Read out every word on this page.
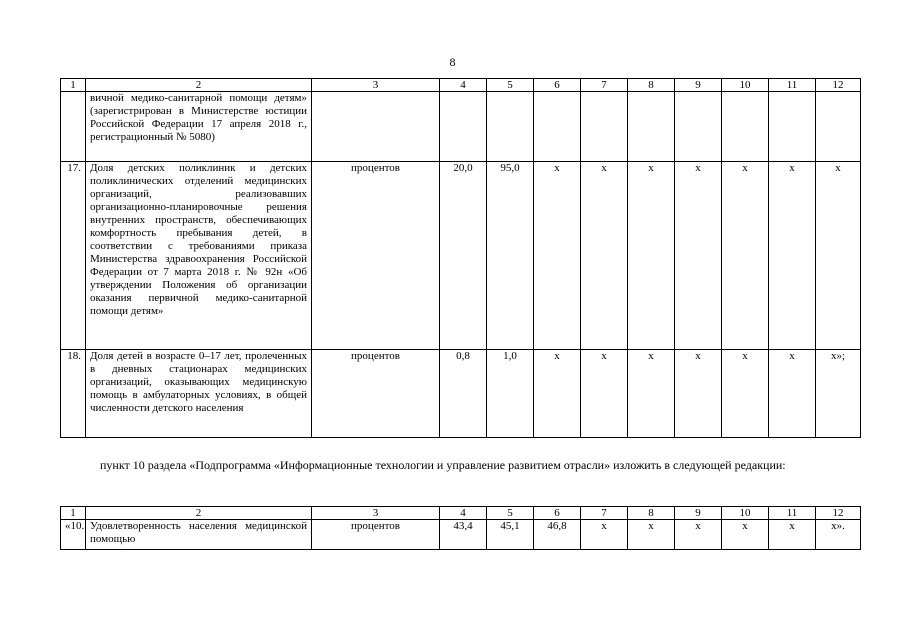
8
1	2	3	4	5	6	7	8	9	10	11	12
	вичной медико-санитарной помощи детям» (зарегистрирован в Министерстве юстиции Российской Федерации 17 апреля 2018 г., регистрационный № 5080)										
17.	Доля детских поликлиник и детских поликлинических отделений медицинских организаций, реализовавших организационно-планировочные решения внутренних пространств, обеспечивающих комфортность пребывания детей, в соответствии с требованиями приказа Министерства здравоохранения Российской Федерации от 7 марта 2018 г. № 92н «Об утверждении Положения об организации оказания первичной медико-санитарной помощи детям»	процентов	20,0	95,0	х	х	х	х	х	х	х
18.	Доля детей в возрасте 0–17 лет, пролеченных в дневных стационарах медицинских организаций, оказывающих медицинскую помощь в амбулаторных условиях, в общей численности детского населения	процентов	0,8	1,0	х	х	х	х	х	х	х»;
пункт 10 раздела «Подпрограмма «Информационные технологии и управление развитием отрасли» изложить в следующей редакции:
1	2	3	4	5	6	7	8	9	10	11	12
«10.	Удовлетворенность населения медицинской помощью	процентов	43,4	45,1	46,8	х	х	х	х	х	х».
